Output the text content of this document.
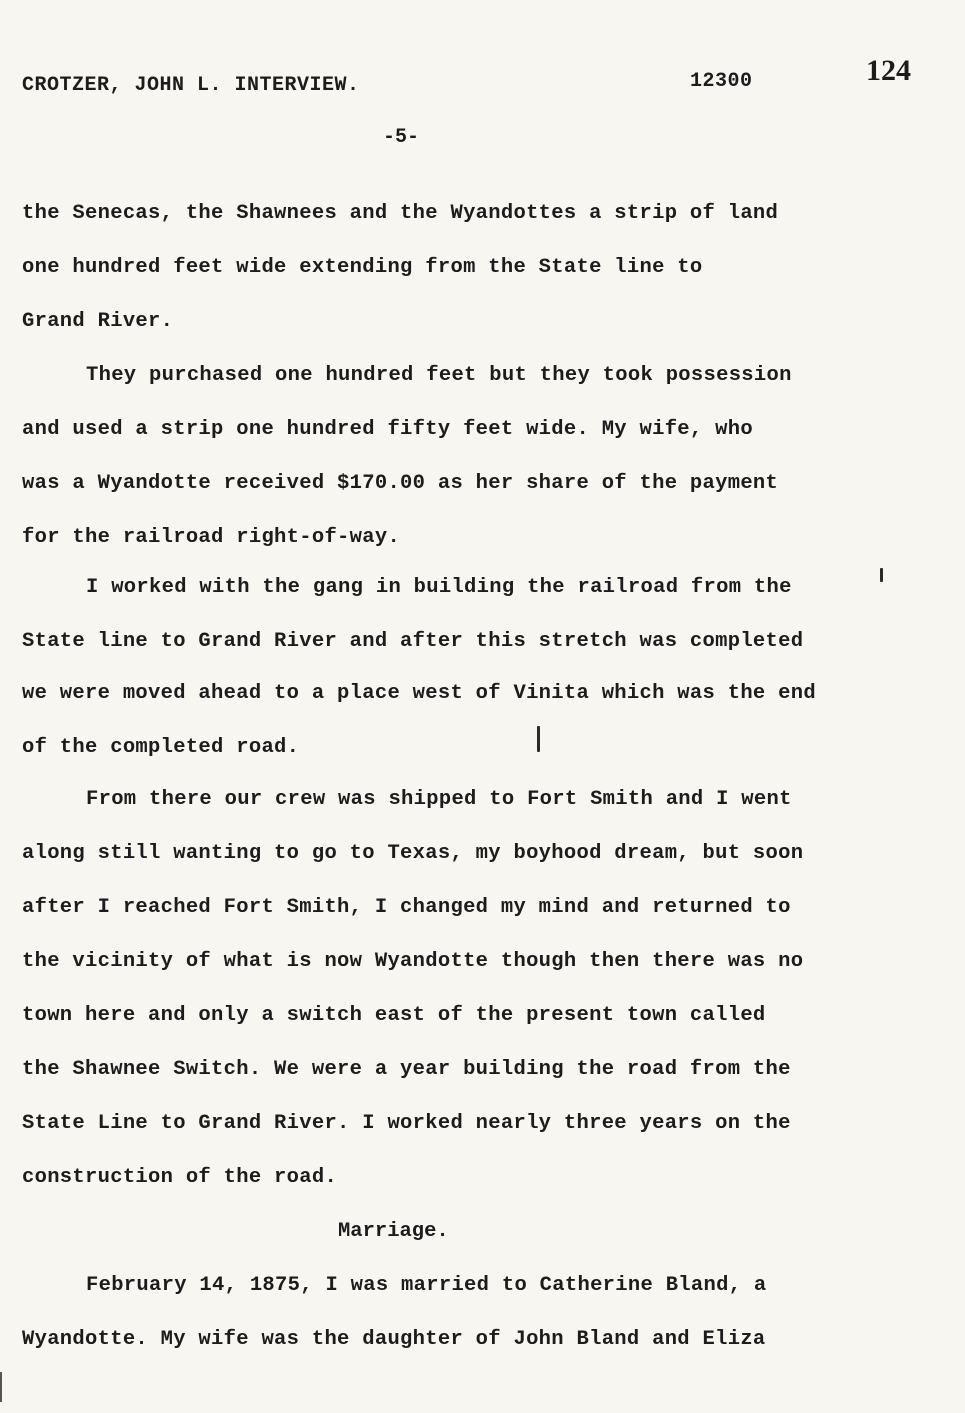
CROTZER, JOHN L. INTERVIEW.	12300	124
-5-
the Senecas, the Shawnees and the Wyandottes a strip of land
one hundred feet wide extending from the State line to
Grand River.
They purchased one hundred feet but they took possession
and used a strip one hundred fifty feet wide. My wife, who
was a Wyandotte received $170.00 as her share of the payment
for the railroad right-of-way.
I worked with the gang in building the railroad from the
State line to Grand River and after this stretch was completed
we were moved ahead to a place west of Vinita which was the end
of the completed road.
From there our crew was shipped to Fort Smith and I went
along still wanting to go to Texas, my boyhood dream, but soon
after I reached Fort Smith, I changed my mind and returned to
the vicinity of what is now Wyandotte though then there was no
town here and only a switch east of the present town called
the Shawnee Switch. We were a year building the road from the
State Line to Grand River. I worked nearly three years on the
construction of the road.
Marriage.
February 14, 1875, I was married to Catherine Bland, a
Wyandotte. My wife was the daughter of John Bland and Eliza
